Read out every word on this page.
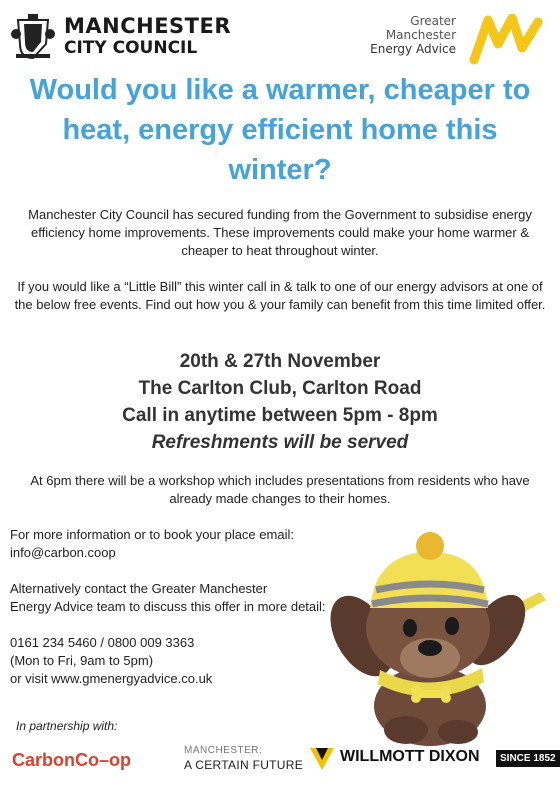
MANCHESTER
CITY COUNCIL
Greater
Manchester
Energy Advice
Would you like a warmer, cheaper to heat, energy efficient home this winter?
Manchester City Council has secured funding from the Government to subsidise energy efficiency home improvements. These improvements could make your home warmer & cheaper to heat throughout winter.
If you would like a “Little Bill” this winter call in & talk to one of our energy advisors at one of the below free events. Find out how you & your family can benefit from this time limited offer.
20th & 27th November
The Carlton Club, Carlton Road
Call in anytime between 5pm - 8pm
Refreshments will be served
At 6pm there will be a workshop which includes presentations from residents who have already made changes to their homes.
For more information or to book your place email:
info@carbon.coop
Alternatively contact the Greater Manchester
Energy Advice team to discuss this offer in more detail:
0161 234 5460 / 0800 009 3363
(Mon to Fri, 9am to 5pm)
or visit www.gmenergyadvice.co.uk
In partnership with:
CarbonCo–op	MANCHESTER:
A CERTAIN FUTURE WILLMOTT DIXON	SINCE 1852
